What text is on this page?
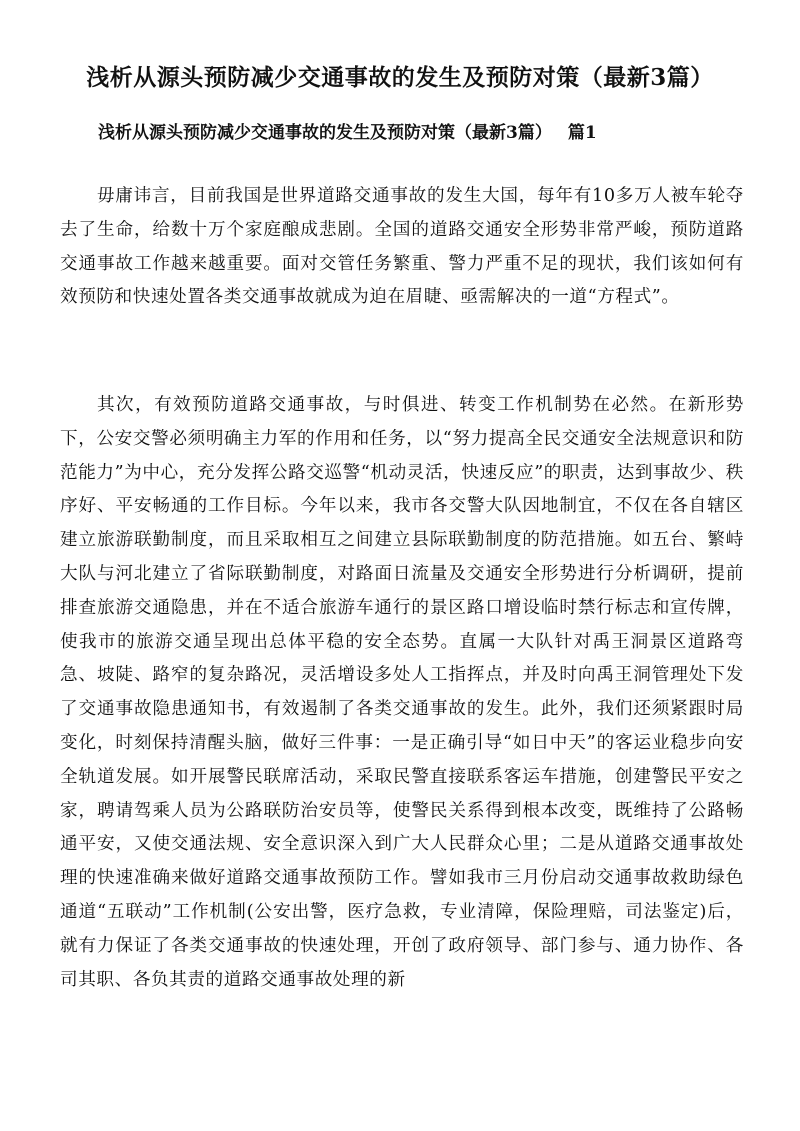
浅析从源头预防减少交通事故的发生及预防对策（最新3篇）
浅析从源头预防减少交通事故的发生及预防对策（最新3篇） 篇1

毋庸讳言，目前我国是世界道路交通事故的发生大国，每年有10多万人被车轮夺去了生命，给数十万个家庭酿成悲剧。全国的道路交通安全形势非常严峻，预防道路交通事故工作越来越重要。面对交管任务繁重、警力严重不足的现状，我们该如何有效预防和快速处置各类交通事故就成为迫在眉睫、亟需解决的一道“方程式”。

其次，有效预防道路交通事故，与时俱进、转变工作机制势在必然。在新形势下，公安交警必须明确主力军的作用和任务，以“努力提高全民交通安全法规意识和防范能力”为中心，充分发挥公路交巡警“机动灵活，快速反应”的职责，达到事故少、秩序好、平安畅通的工作目标。今年以来，我市各交警大队因地制宜，不仅在各自辖区建立旅游联勤制度，而且采取相互之间建立县际联勤制度的防范措施。如五台、繁峙大队与河北建立了省际联勤制度，对路面日流量及交通安全形势进行分析调研，提前排查旅游交通隐患，并在不适合旅游车通行的景区路口增设临时禁行标志和宣传牌，使我市的旅游交通呈现出总体平稳的安全态势。直属一大队针对禹王洞景区道路弯急、坡陡、路窄的复杂路况，灵活增设多处人工指挥点，并及时向禹王洞管理处下发了交通事故隐患通知书，有效遏制了各类交通事故的发生。此外，我们还须紧跟时局变化，时刻保持清醒头脑，做好三件事：一是正确引导“如日中天”的客运业稳步向安全轨道发展。如开展警民联席活动，采取民警直接联系客运车措施，创建警民平安之家，聘请驾乘人员为公路联防治安员等，使警民关系得到根本改变，既维持了公路畅通平安，又使交通法规、安全意识深入到广大人民群众心里；二是从道路交通事故处理的快速准确来做好道路交通事故预防工作。譬如我市三月份启动交通事故救助绿色通道“五联动”工作机制(公安出警，医疗急救，专业清障，保险理赔，司法鉴定)后，就有力保证了各类交通事故的快速处理，开创了政府领导、部门参与、通力协作、各司其职、各负其责的道路交通事故处理的新
